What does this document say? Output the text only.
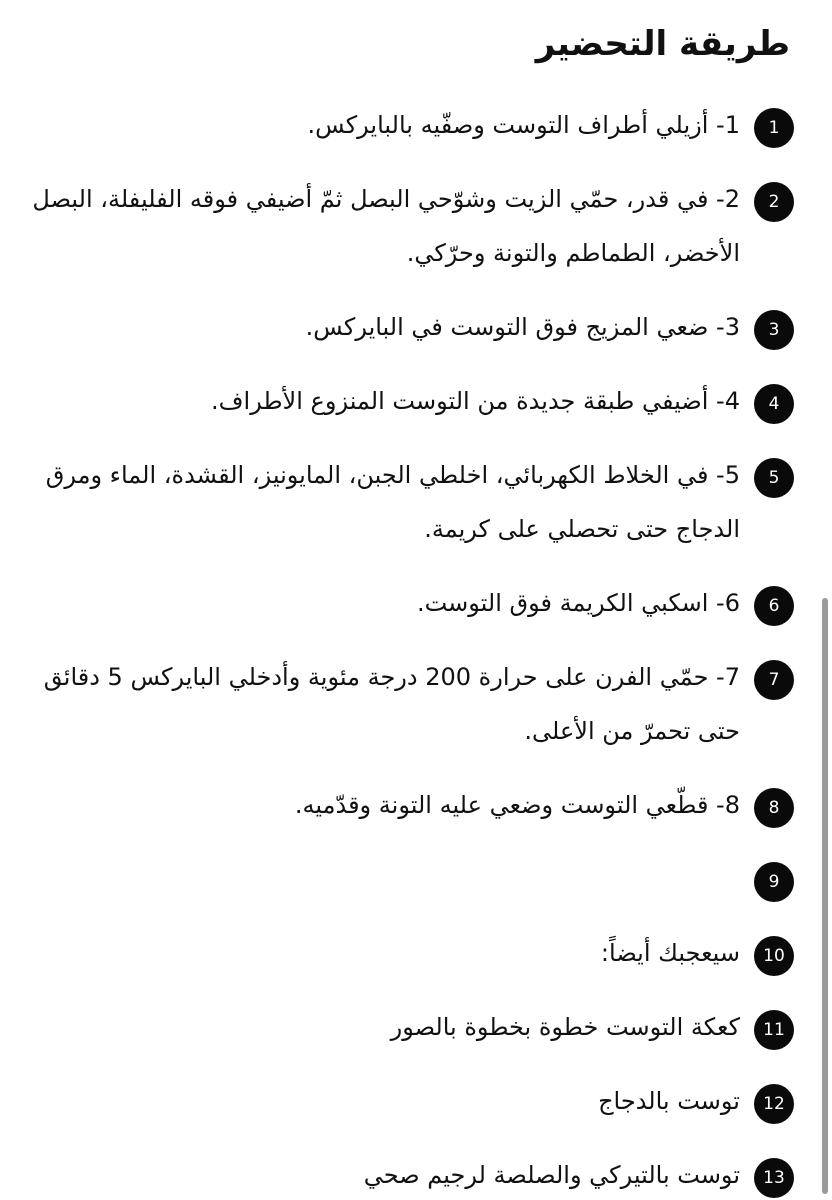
طريقة التحضير
1
1- أزيلي أطراف التوست وصفّيه بالبايركس.
2
2- في قدر، حمّي الزيت وشوّحي البصل ثمّ أضيفي فوقه الفليفلة، البصل الأخضر، الطماطم والتونة وحرّكي.
3
3- ضعي المزيج فوق التوست في البايركس.
4
4- أضيفي طبقة جديدة من التوست المنزوع الأطراف.
5
5- في الخلاط الكهربائي، اخلطي الجبن، المايونيز، القشدة، الماء ومرق الدجاج حتى تحصلي على كريمة.
6
6- اسكبي الكريمة فوق التوست.
7
7- حمّي الفرن على حرارة 200 درجة مئوية وأدخلي البايركس 5 دقائق حتى تحمرّ من الأعلى.
8
8- قطّعي التوست وضعي عليه التونة وقدّميه.
9
10
سيعجبك أيضاً:
11
كعكة التوست خطوة بخطوة بالصور
12
توست بالدجاج
13
توست بالتيركي والصلصة لرجيم صحي
